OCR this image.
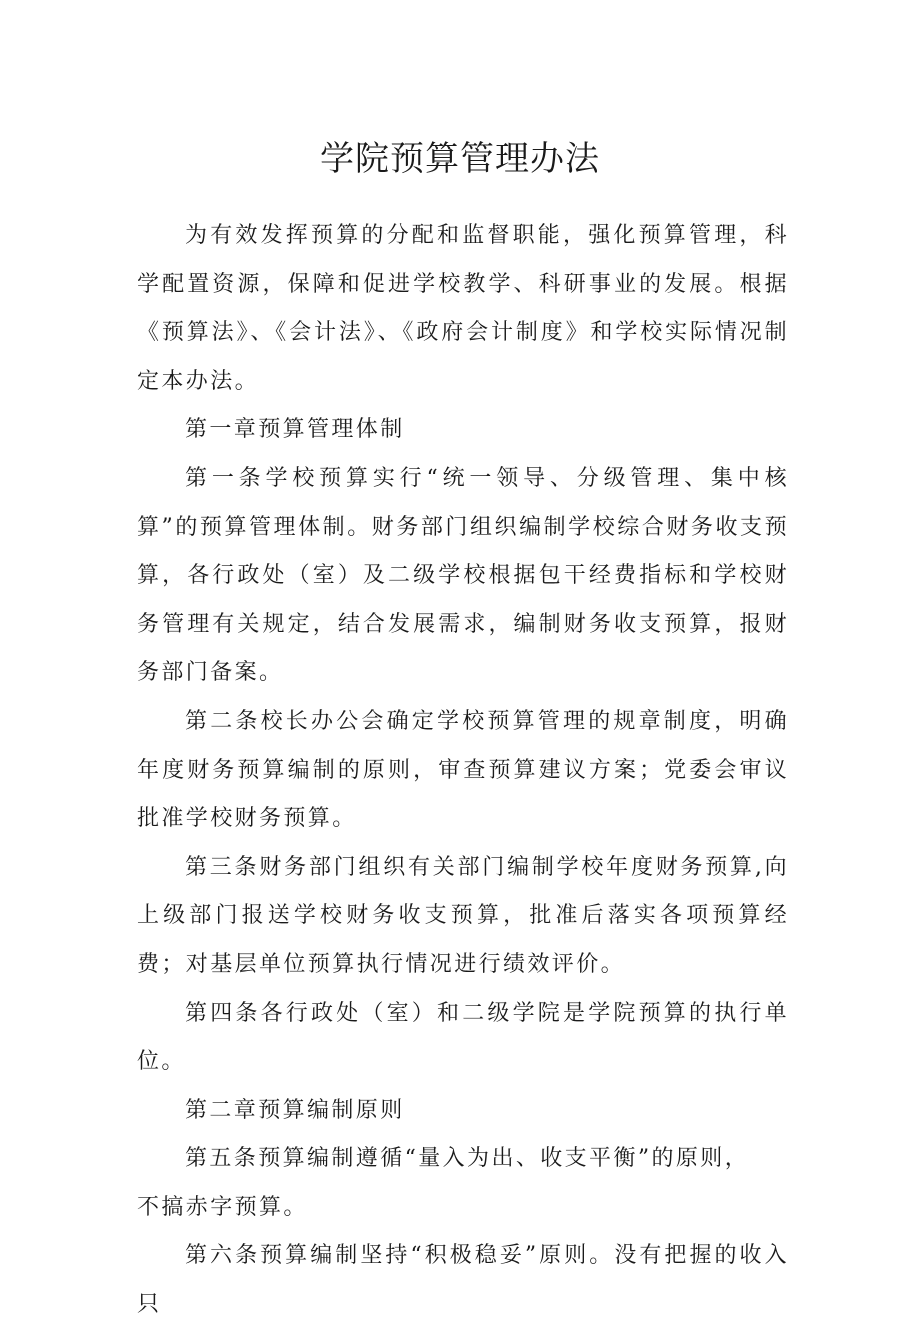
学院预算管理办法

为有效发挥预算的分配和监督职能，强化预算管理，科学配置资源，保障和促进学校教学、科研事业的发展。根据《预算法》、《会计法》、《政府会计制度》和学校实际情况制定本办法。

第一章预算管理体制

第一条学校预算实行“统一领导、分级管理、集中核算”的预算管理体制。财务部门组织编制学校综合财务收支预算，各行政处（室）及二级学校根据包干经费指标和学校财务管理有关规定，结合发展需求，编制财务收支预算，报财务部门备案。

第二条校长办公会确定学校预算管理的规章制度，明确年度财务预算编制的原则，审查预算建议方案；党委会审议批准学校财务预算。

第三条财务部门组织有关部门编制学校年度财务预算,向上级部门报送学校财务收支预算，批准后落实各项预算经费；对基层单位预算执行情况进行绩效评价。

第四条各行政处（室）和二级学院是学院预算的执行单位。

第二章预算编制原则

第五条预算编制遵循“量入为出、收支平衡”的原则，

不搞赤字预算。

第六条预算编制坚持“积极稳妥”原则。没有把握的收入只
